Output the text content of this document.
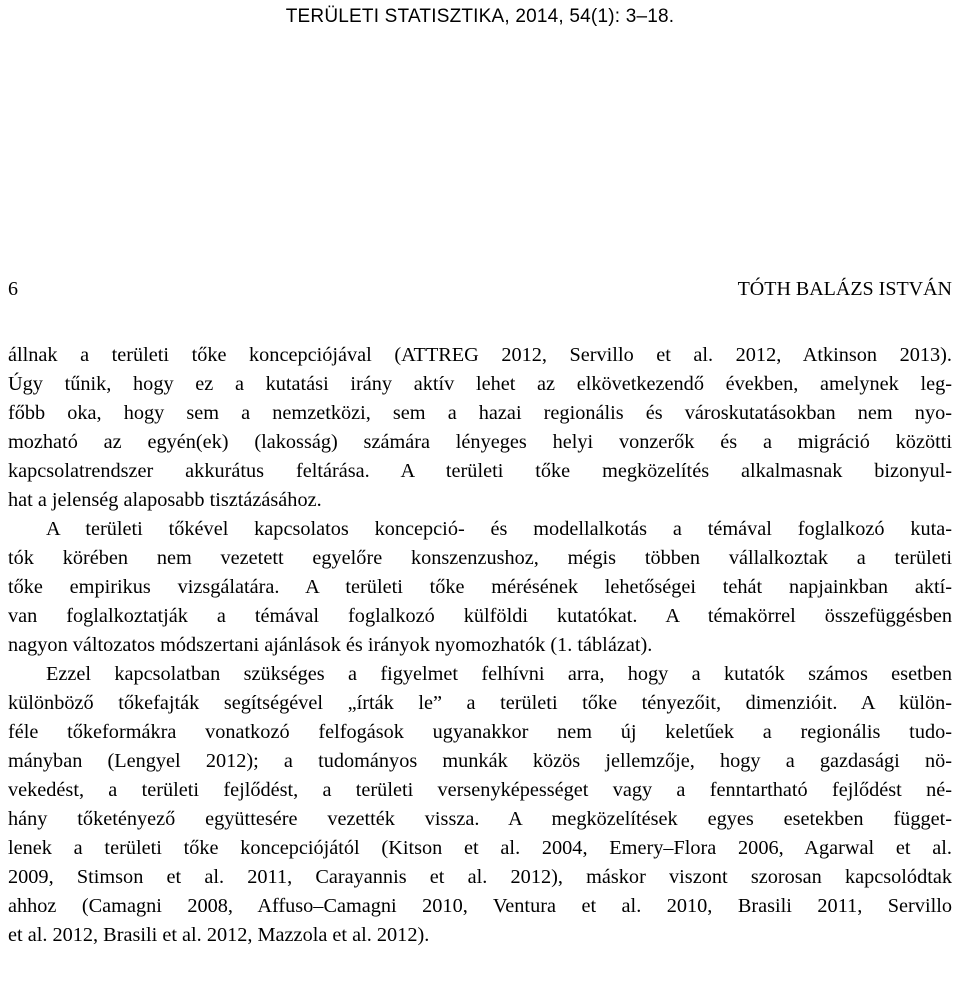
TERÜLETI STATISZTIKA, 2014, 54(1): 3–18.
6	TÓTH BALÁZS ISTVÁN
állnak a területi tőke koncepciójával (ATTREG 2012, Servillo et al. 2012, Atkinson 2013).
Úgy tűnik, hogy ez a kutatási irány aktív lehet az elkövetkezendő években, amelynek leg-
főbb oka, hogy sem a nemzetközi, sem a hazai regionális és városkutatásokban nem nyo-
mozható az egyén(ek) (lakosság) számára lényeges helyi vonzerők és a migráció közötti
kapcsolatrendszer akkurátus feltárása. A területi tőke megközelítés alkalmasnak bizonyul-
hat a jelenség alaposabb tisztázásához.
A területi tőkével kapcsolatos koncepció- és modellalkotás a témával foglalkozó kuta-
tók körében nem vezetett egyelőre konszenzushoz, mégis többen vállalkoztak a területi
tőke empirikus vizsgálatára. A területi tőke mérésének lehetőségei tehát napjainkban aktí-
van foglalkoztatják a témával foglalkozó külföldi kutatókat. A témakörrel összefüggésben
nagyon változatos módszertani ajánlások és irányok nyomozhatók (1. táblázat).
Ezzel kapcsolatban szükséges a figyelmet felhívni arra, hogy a kutatók számos esetben
különböző tőkefajták segítségével „írták le” a területi tőke tényezőit, dimenzióit. A külön-
féle tőkeformákra vonatkozó felfogások ugyanakkor nem új keletűek a regionális tudo-
mányban (Lengyel 2012); a tudományos munkák közös jellemzője, hogy a gazdasági nö-
vekedést, a területi fejlődést, a területi versenyképességet vagy a fenntartható fejlődést né-
hány tőketényező együttesére vezették vissza. A megközelítések egyes esetekben függet-
lenek a területi tőke koncepciójától (Kitson et al. 2004, Emery–Flora 2006, Agarwal et al.
2009, Stimson et al. 2011, Carayannis et al. 2012), máskor viszont szorosan kapcsolódtak
ahhoz (Camagni 2008, Affuso–Camagni 2010, Ventura et al. 2010, Brasili 2011, Servillo
et al. 2012, Brasili et al. 2012, Mazzola et al. 2012).
